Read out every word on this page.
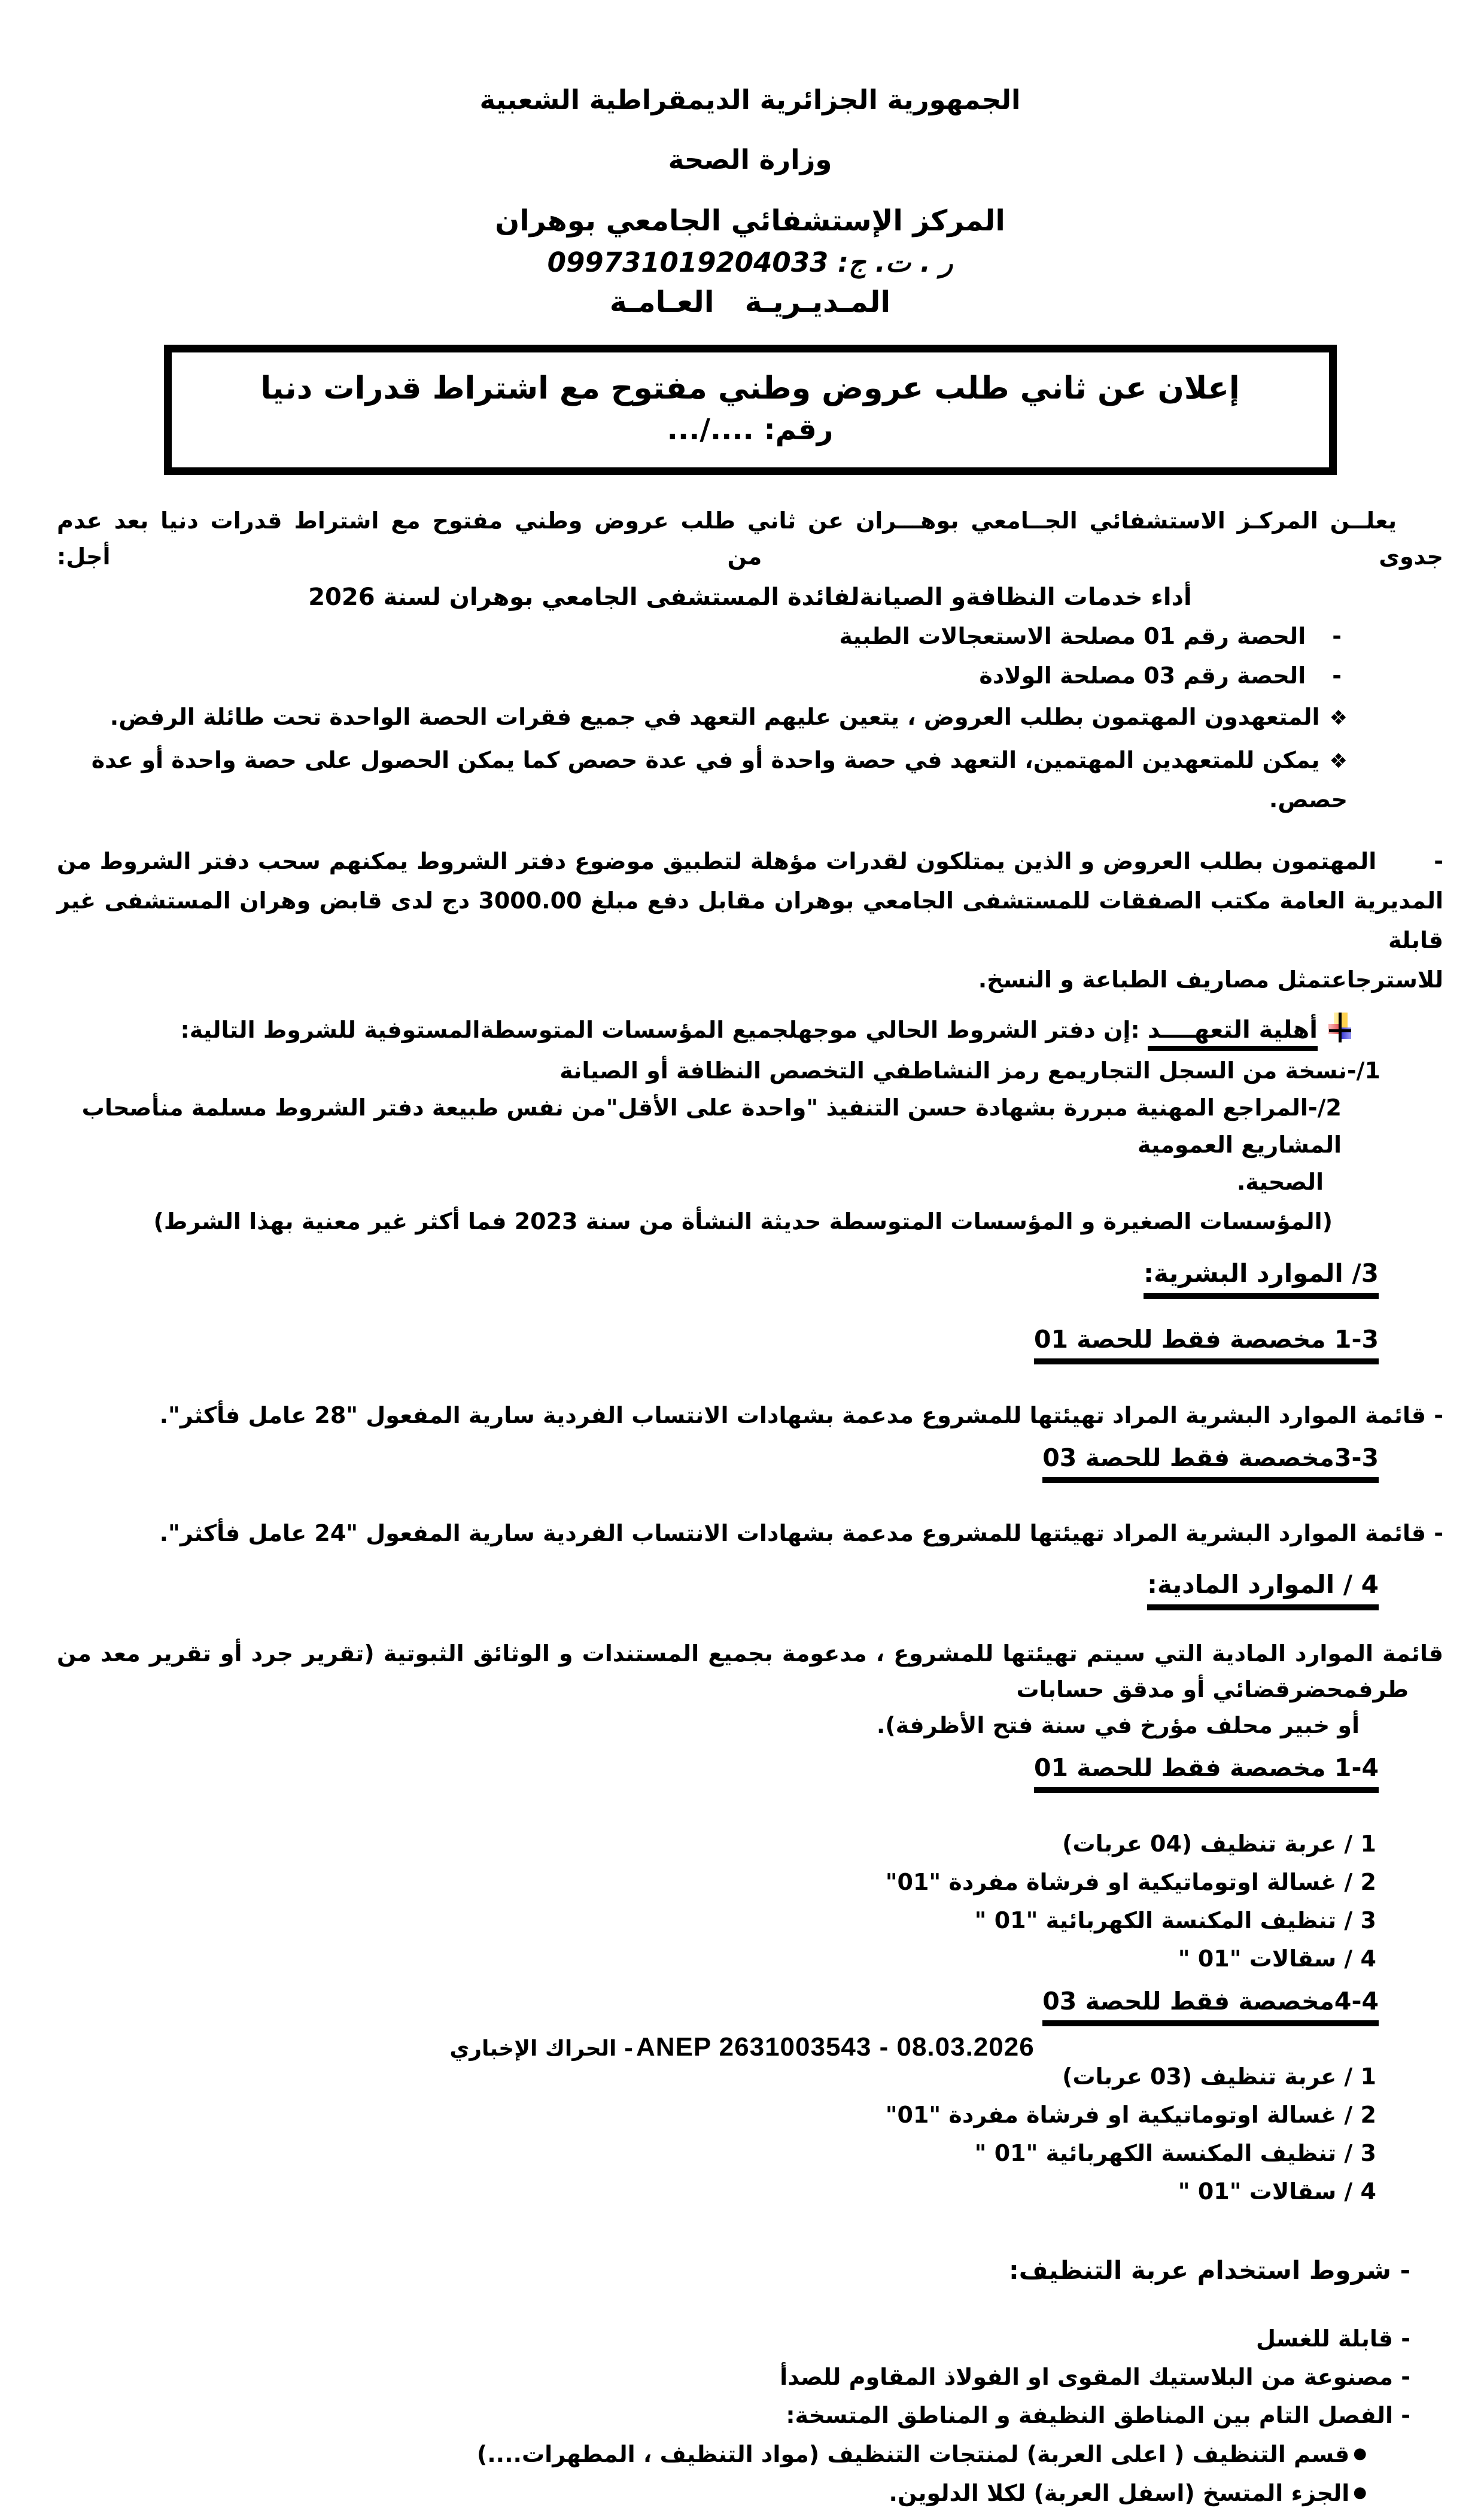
الجمهورية الجزائرية الديمقراطية الشعبية
وزارة الصحة
المركز الإستشفائي الجامعي بوهران
ر . ت. ج: 099731019204033
المـديـريـة العـامـة
إعلان عن ثاني طلب عروض وطني مفتوح مع اشتراط قدرات دنيا
رقم: ..../...

يعلــن المركـز الاستشفائي الجــامعي بوهـــران عن ثاني طلب عروض وطني مفتوح مع اشتراط قدرات دنيا بعد عدم جدوى من أجل:

أداء خدمات النظافةو الصيانةلفائدة المستشفى الجامعي بوهران لسنة 2026

-الحصة رقم 01 مصلحة الاستعجالات الطبية
-الحصة رقم 03 مصلحة الولادة
❖المتعهدون المهتمون بطلب العروض ، يتعين عليهم التعهد في جميع فقرات الحصة الواحدة تحت طائلة الرفض.
❖يمكن للمتعهدين المهتمين، التعهد في حصة واحدة أو في عدة حصص كما يمكن الحصول على حصة واحدة أو عدة حصص.
-المهتمون بطلب العروض و الذين يمتلكون لقدرات مؤهلة لتطبيق موضوع دفتر الشروط يمكنهم سحب دفتر الشروط من
المديرية العامة مكتب الصفقات للمستشفى الجامعي بوهران مقابل دفع مبلغ 3000.00 دج لدى قابض وهران المستشفى غير قابلة
للاسترجاعتمثل مصاريف الطباعة و النسخ.
أهلية التعهــــد :إن دفتر الشروط الحالي موجهلجميع المؤسسات المتوسطةالمستوفية للشروط التالية:

1/-نسخة من السجل التجاريمع رمز النشاطفي التخصص النظافة أو الصيانة

2/-المراجع المهنية مبررة بشهادة حسن التنفيذ "واحدة على الأقل"من نفس طبيعة دفتر الشروط مسلمة منأصحاب المشاريع العمومية

الصحية.

(المؤسسات الصغيرة و المؤسسات المتوسطة حديثة النشأة من سنة 2023 فما أكثر غير معنية بهذا الشرط)

3/ الموارد البشرية:
1-3 مخصصة فقط للحصة 01

- قائمة الموارد البشرية المراد تهيئتها للمشروع مدعمة بشهادات الانتساب الفردية سارية المفعول "28 عامل فأكثر".

3-3مخصصة فقط للحصة 03

- قائمة الموارد البشرية المراد تهيئتها للمشروع مدعمة بشهادات الانتساب الفردية سارية المفعول "24 عامل فأكثر".

4 / الموارد المادية:

قائمة الموارد المادية التي سيتم تهيئتها للمشروع ، مدعومة بجميع المستندات و الوثائق الثبوتية (تقرير جرد أو تقرير معد من

طرفمحضرقضائي أو مدقق حسابات

أو خبير محلف مؤرخ في سنة فتح الأظرفة).

1-4 مخصصة فقط للحصة 01

1 / عربة تنظيف (04 عربات)

2 / غسالة اوتوماتيكية او فرشاة مفردة "01"

3 / تنظيف المكنسة الكهربائية "01 "

4 / سقالات "01 "

4-4مخصصة فقط للحصة 03

1 / عربة تنظيف (03 عربات)

2 / غسالة اوتوماتيكية او فرشاة مفردة "01"

3 / تنظيف المكنسة الكهربائية "01 "

4 / سقالات "01 "

- شروط استخدام عربة التنظيف:

- قابلة للغسل

- مصنوعة من البلاستيك المقوى او الفولاذ المقاوم للصدأ

- الفصل التام بين المناطق النظيفة و المناطق المتسخة:

●قسم التنظيف ( اعلى العربة) لمنتجات التنظيف (مواد التنظيف ، المطهرات....)

●الجزء المتسخ (اسفل العربة) لكلا الدلوين.

الحراك الإخباري - ANEP 2631003543 - 08.03.2026
